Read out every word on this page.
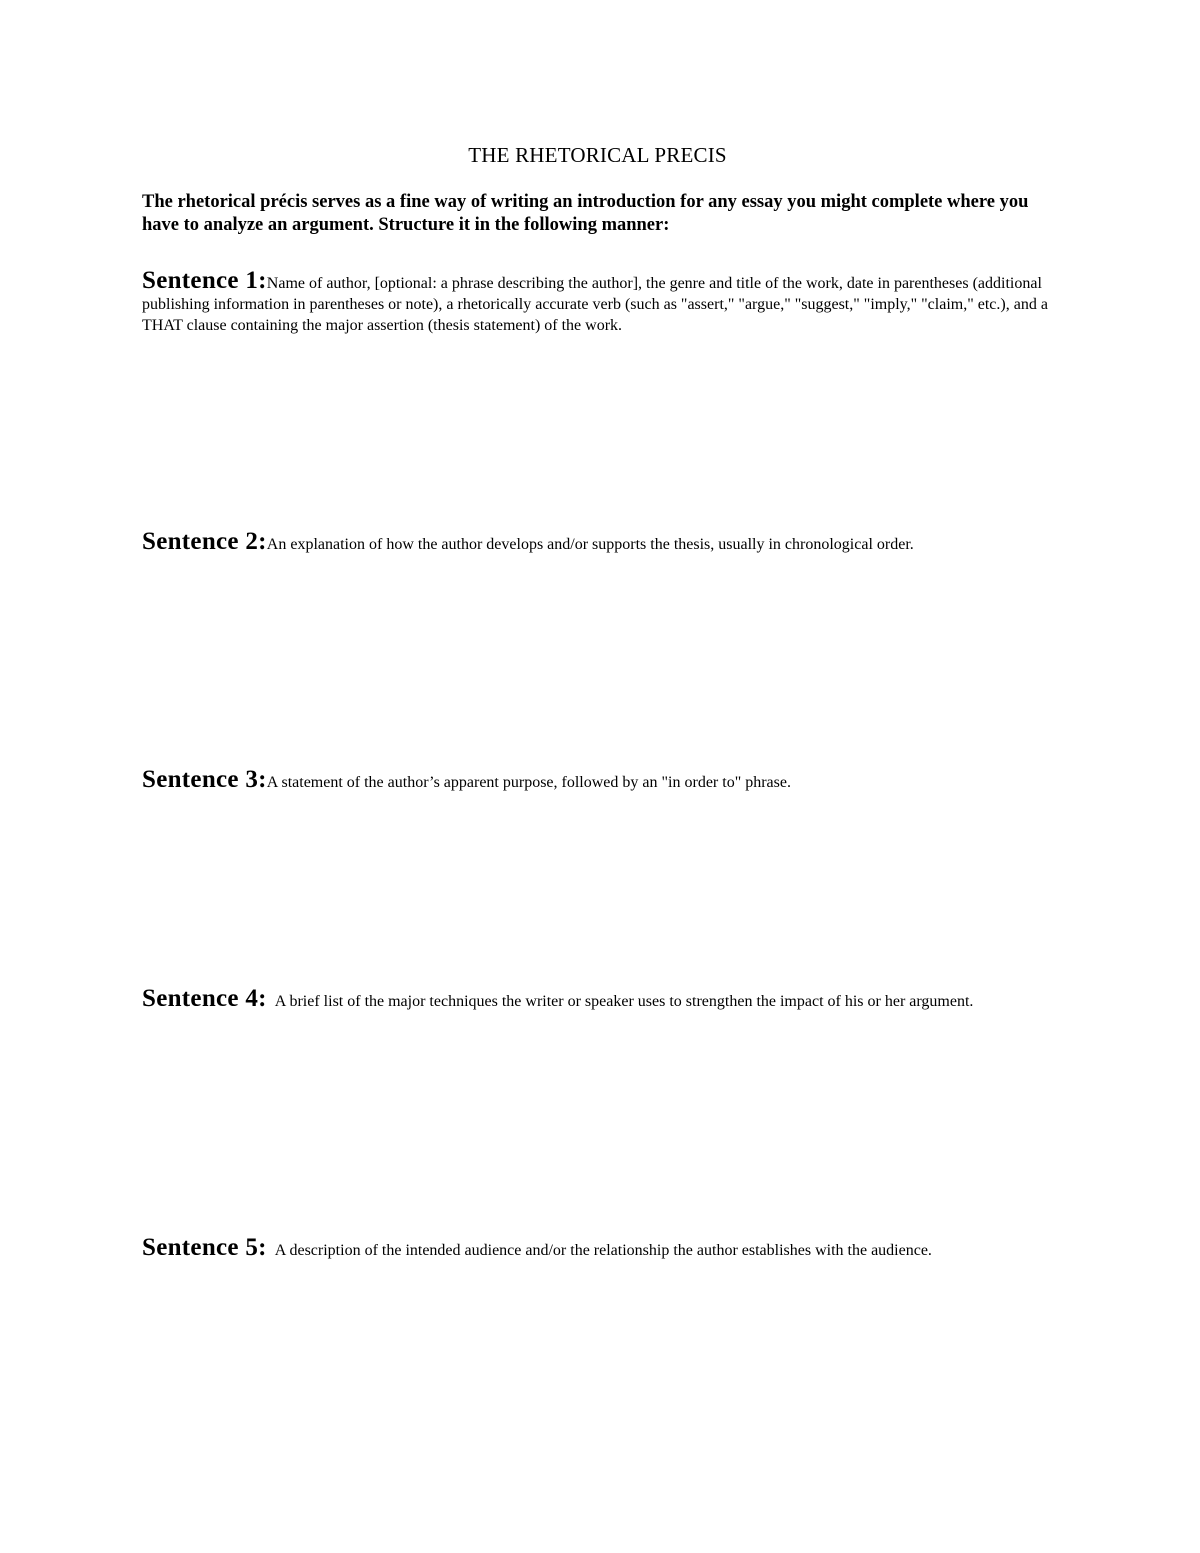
THE RHETORICAL PRECIS
The rhetorical précis serves as a fine way of writing an introduction for any essay you might complete where you have to analyze an argument. Structure it in the following manner:
Sentence 1:Name of author, [optional: a phrase describing the author], the genre and title of the work, date in parentheses (additional publishing information in parentheses or note), a rhetorically accurate verb (such as "assert," "argue," "suggest," "imply," "claim," etc.), and a THAT clause containing the major assertion (thesis statement) of the work.
Sentence 2:An explanation of how the author develops and/or supports the thesis, usually in chronological order.
Sentence 3:A statement of the author’s apparent purpose, followed by an "in order to" phrase.
Sentence 4: A brief list of the major techniques the writer or speaker uses to strengthen the impact of his or her argument.
Sentence 5: A description of the intended audience and/or the relationship the author establishes with the audience.
